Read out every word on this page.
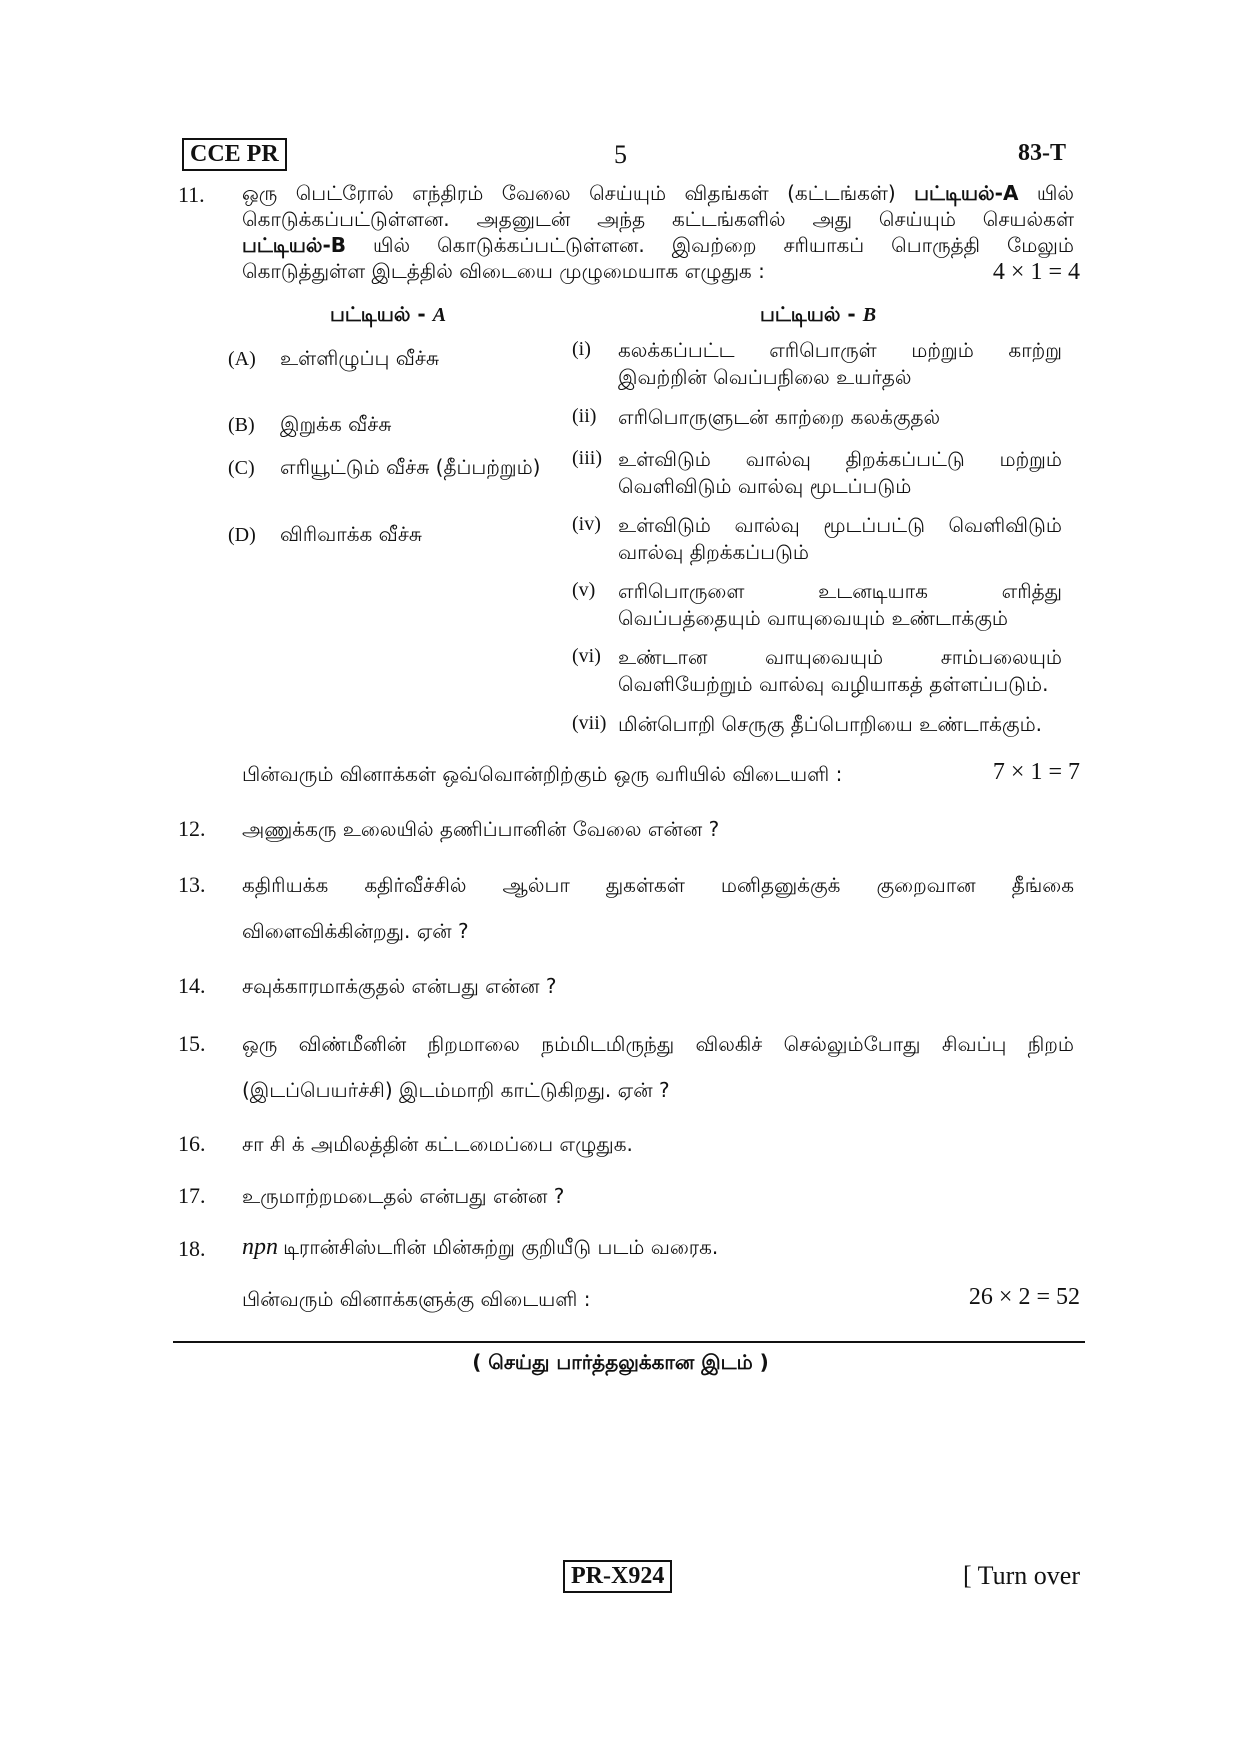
CCE PR	5	83-T
11. ஒரு பெட்ரோல் எந்திரம் வேலை செய்யும் விதங்கள் (கட்டங்கள்) பட்டியல்-A யில்
கொடுக்கப்பட்டுள்ளன. அதனுடன் அந்த கட்டங்களில் அது செய்யும் செயல்கள்
பட்டியல்-B யில் கொடுக்கப்பட்டுள்ளன. இவற்றை சரியாகப் பொருத்தி மேலும்
கொடுத்துள்ள இடத்தில் விடையை முழுமையாக எழுதுக :	4 × 1 = 4
பட்டியல் - A	பட்டியல் - B
(A) உள்ளிழுப்பு வீச்சு
(B) இறுக்க வீச்சு
(C) எரியூட்டும் வீச்சு (தீப்பற்றும்)
(D) விரிவாக்க வீச்சு
(i) கலக்கப்பட்ட எரிபொருள் மற்றும் காற்று
இவற்றின் வெப்பநிலை உயர்தல்
(ii) எரிபொருளுடன் காற்றை கலக்குதல்
(iii) உள்விடும் வால்வு திறக்கப்பட்டு மற்றும்
வெளிவிடும் வால்வு மூடப்படும்
(iv) உள்விடும் வால்வு மூடப்பட்டு வெளிவிடும்
வால்வு திறக்கப்படும்
(v) எரிபொருளை உடனடியாக எரித்து
வெப்பத்தையும் வாயுவையும் உண்டாக்கும்
(vi) உண்டான வாயுவையும் சாம்பலையும்
வெளியேற்றும் வால்வு வழியாகத் தள்ளப்படும்.
(vii) மின்பொறி செருகு தீப்பொறியை உண்டாக்கும்.
பின்வரும் வினாக்கள் ஒவ்வொன்றிற்கும் ஒரு வரியில் விடையளி :	7 × 1 = 7
12. அணுக்கரு உலையில் தணிப்பானின் வேலை என்ன ?
13. கதிரியக்க கதிர்வீச்சில் ஆல்பா துகள்கள் மனிதனுக்குக் குறைவான தீங்கை
விளைவிக்கின்றது. ஏன் ?
14. சவுக்காரமாக்குதல் என்பது என்ன ?
15. ஒரு விண்மீனின் நிறமாலை நம்மிடமிருந்து விலகிச் செல்லும்போது சிவப்பு நிறம்
(இடப்பெயர்ச்சி) இடம்மாறி காட்டுகிறது. ஏன் ?
16. சா சி க் அமிலத்தின் கட்டமைப்பை எழுதுக.
17. உருமாற்றமடைதல் என்பது என்ன ?
18. npn டிரான்சிஸ்டரின் மின்சுற்று குறியீடு படம் வரைக.
பின்வரும் வினாக்களுக்கு விடையளி :	26 × 2 = 52
( செய்து பார்த்தலுக்கான இடம் )
PR-X924	[ Turn over
